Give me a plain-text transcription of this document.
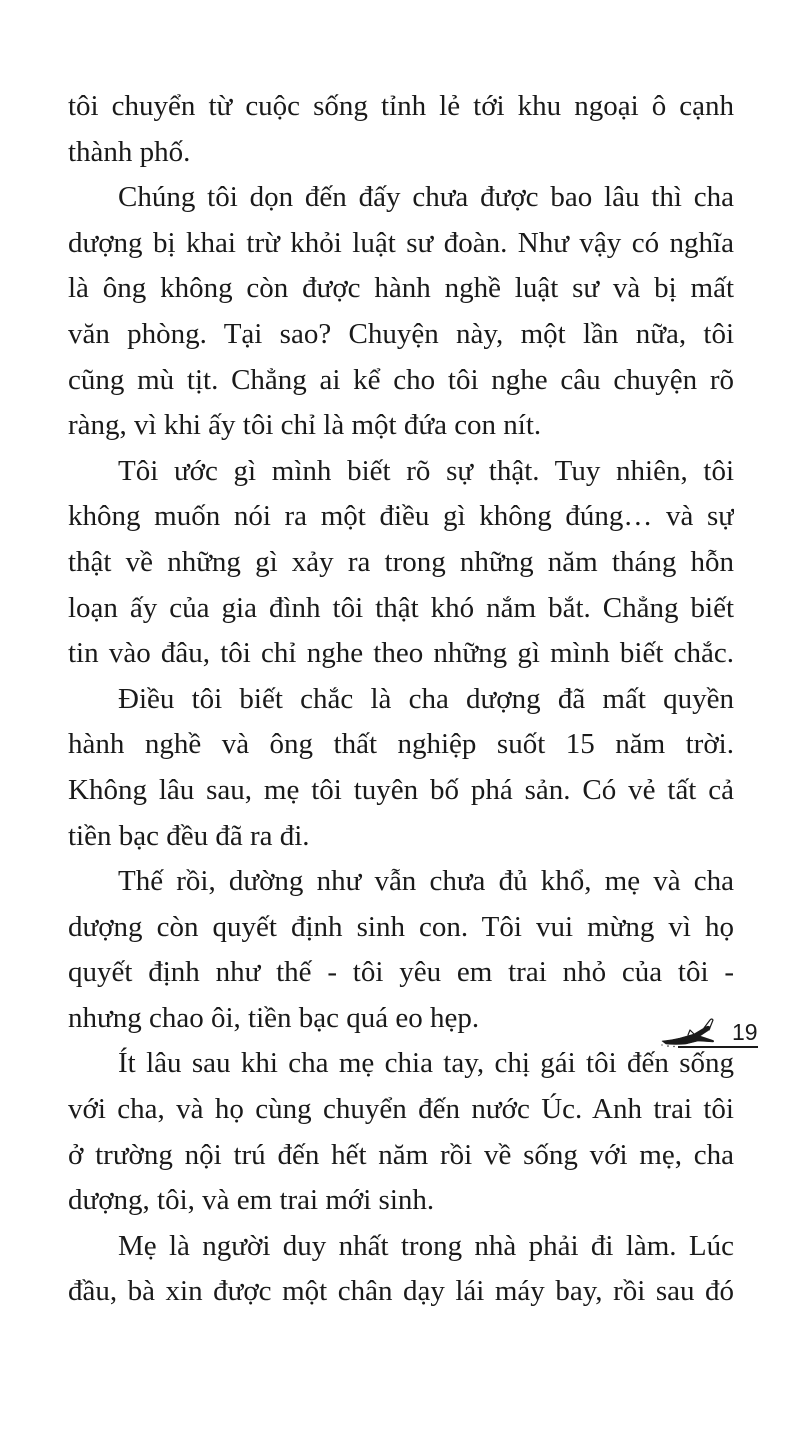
tôi chuyển từ cuộc sống tỉnh lẻ tới khu ngoại ô cạnh
thành phố.
Chúng tôi dọn đến đấy chưa được bao lâu thì cha
dượng bị khai trừ khỏi luật sư đoàn. Như vậy có nghĩa
là ông không còn được hành nghề luật sư và bị mất
văn phòng. Tại sao? Chuyện này, một lần nữa, tôi
cũng mù tịt. Chẳng ai kể cho tôi nghe câu chuyện rõ
ràng, vì khi ấy tôi chỉ là một đứa con nít.
Tôi ước gì mình biết rõ sự thật. Tuy nhiên, tôi
không muốn nói ra một điều gì không đúng… và sự
thật về những gì xảy ra trong những năm tháng hỗn
loạn ấy của gia đình tôi thật khó nắm bắt. Chẳng biết
tin vào đâu, tôi chỉ nghe theo những gì mình biết chắc.
Điều tôi biết chắc là cha dượng đã mất quyền
hành nghề và ông thất nghiệp suốt 15 năm trời.
Không lâu sau, mẹ tôi tuyên bố phá sản. Có vẻ tất cả
tiền bạc đều đã ra đi.
Thế rồi, dường như vẫn chưa đủ khổ, mẹ và cha
dượng còn quyết định sinh con. Tôi vui mừng vì họ
quyết định như thế - tôi yêu em trai nhỏ của tôi -
nhưng chao ôi, tiền bạc quá eo hẹp.
Ít lâu sau khi cha mẹ chia tay, chị gái tôi đến sống
với cha, và họ cùng chuyển đến nước Úc. Anh trai tôi
ở trường nội trú đến hết năm rồi về sống với mẹ, cha
dượng, tôi, và em trai mới sinh.
Mẹ là người duy nhất trong nhà phải đi làm. Lúc
đầu, bà xin được một chân dạy lái máy bay, rồi sau đó
19
